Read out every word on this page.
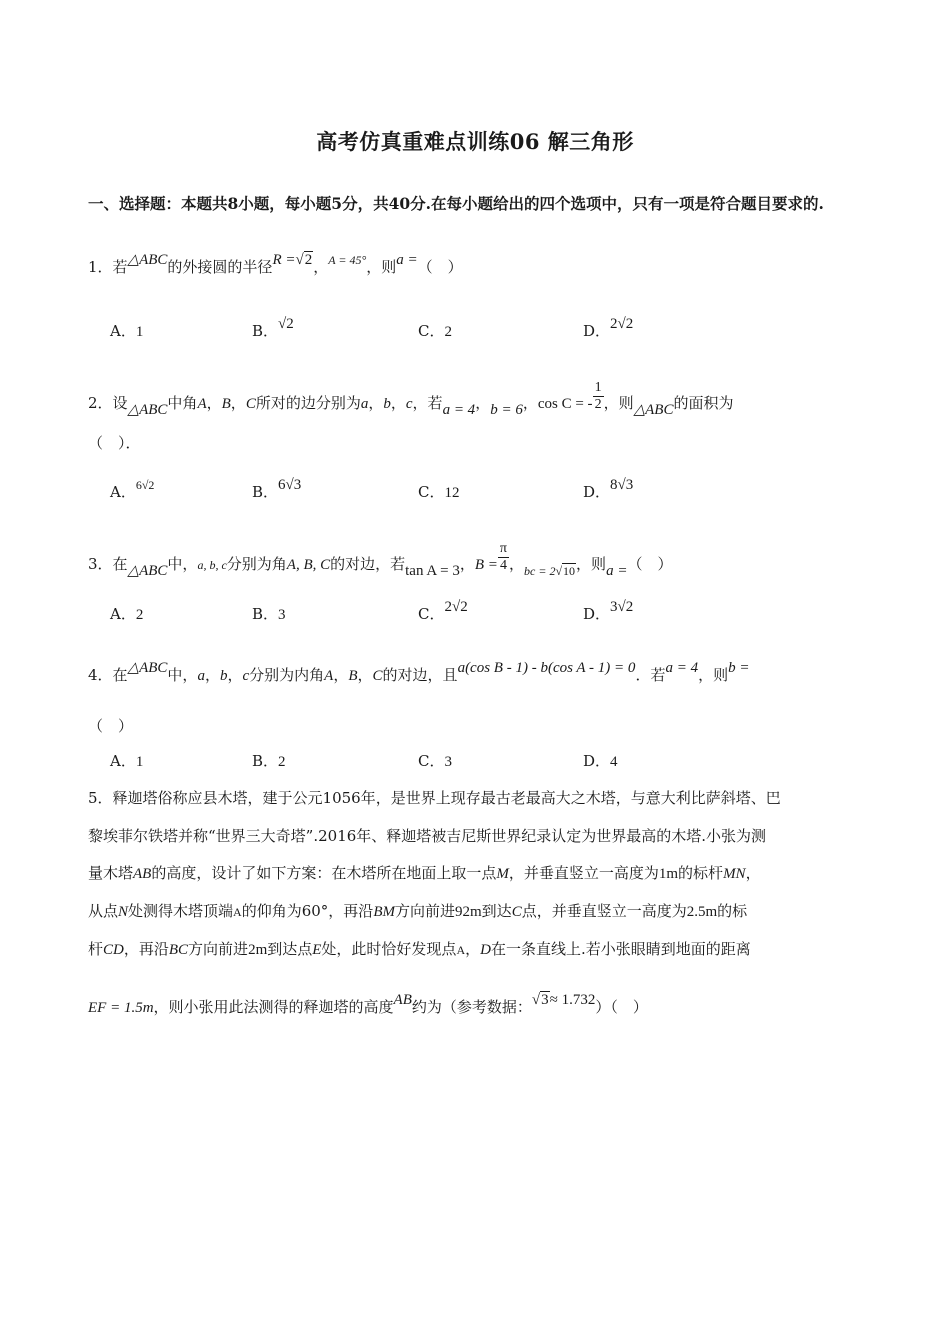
高考仿真重难点训练06 解三角形
一、选择题：本题共8小题，每小题5分，共40分.在每小题给出的四个选项中，只有一项是符合题目要求的.
1．若△ABC的外接圆的半径R =√2，$^{A = 45^\circ}$，则a =（　）
A．1	B．√2	C．2	D．2√2
2．设△ABC中角A，B，C所对的边分别为a，b，c，若a = 4，b = 6，cos C = - $\frac{1}{2}$ ，则△ABC的面积为
（　）．
A．$^{6√2}$	B．6√3	C．12	D．8√3
3．在△ABC中，a, b, c分别为角A, B, C的对边，若tan A = 3，$B = \frac{\pi}{4}$ ，$_{bc = 2√10}$，则a =（　）
A．2	B．3	C．2√2	D．3√2
4．在△ABC中，a，b，c分别为内角A，B，C的对边，且a(cos B - 1) - b(cos A - 1) = 0．若a = 4，则b =
（　）
A．1	B．2	C．3	D．4
5．释迦塔俗称应县木塔，建于公元1056年，是世界上现存最古老最高大之木塔，与意大利比萨斜塔、巴
黎埃菲尔铁塔并称“世界三大奇塔”.2016年、释迦塔被吉尼斯世界纪录认定为世界最高的木塔.小张为测
量木塔AB的高度，设计了如下方案：在木塔所在地面上取一点M，并垂直竖立一高度为1m的标杆MN，
从点N处测得木塔顶端A的仰角为60°，再沿BM方向前进92m到达C点，并垂直竖立一高度为2.5m的标
杆CD，再沿BC方向前进2m到达点E处，此时恰好发现点A，D在一条直线上.若小张眼睛到地面的距离
EF = 1.5m，则小张用此法测得的释迦塔的高度AB约为（参考数据：√3≈ 1.732）（　）
